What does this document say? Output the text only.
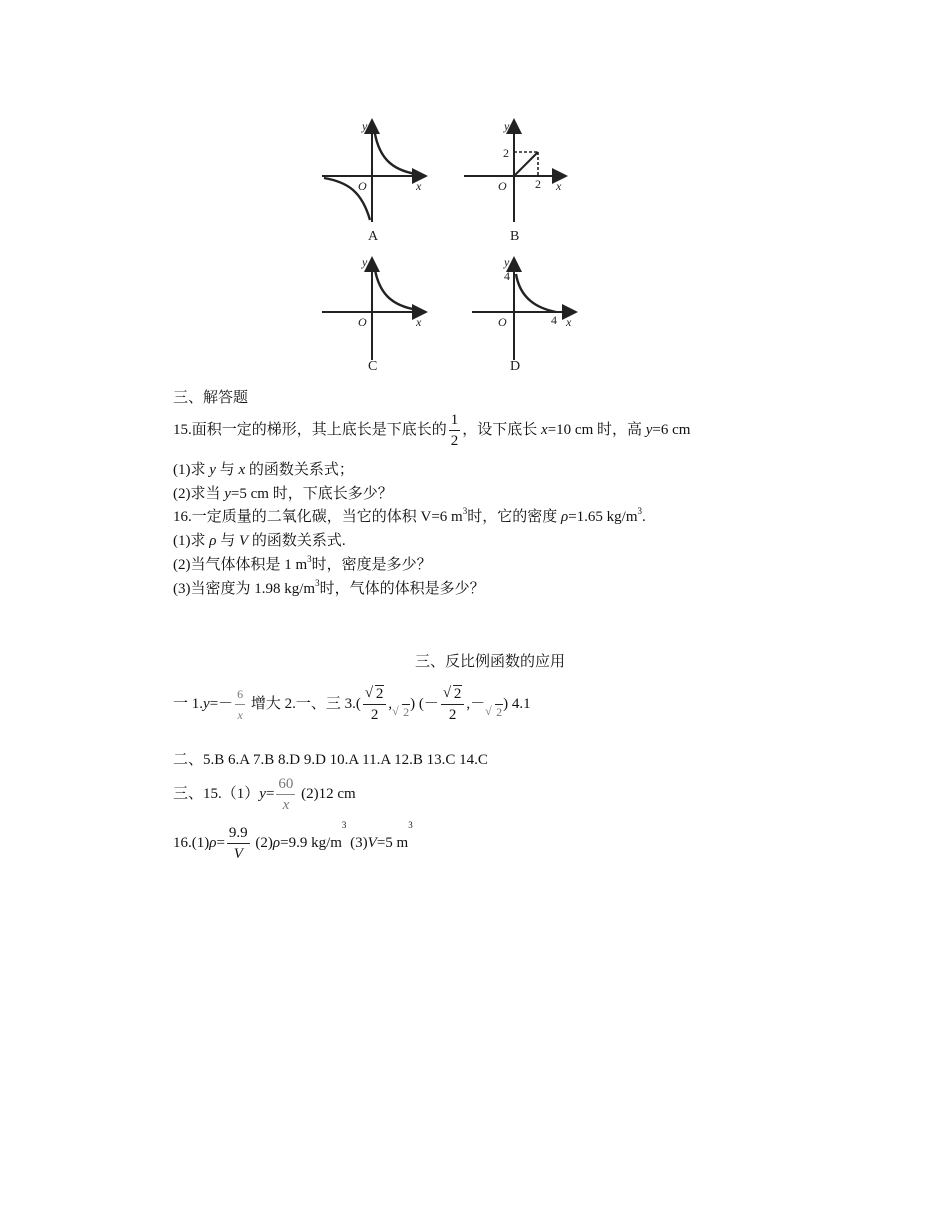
y
x
O
A
y
x
O
2
2
B
y
x
O
C
y
x
O
4
4
D
三、解答题
15.面积一定的梯形，其上底长是下底长的 $\frac{1}{2}$ ，设下底长 x=10 cm 时，高 y=6 cm
(1)求 y 与 x 的函数关系式；
(2)求当 y=5 cm 时，下底长多少？
16.一定质量的二氧化碳，当它的体积 V=6 $m^3$时，它的密度 ρ=1.65 $kg/m^3$.
(1)求 ρ 与 V 的函数关系式.
(2)当气体体积是 1 $m^3$时，密度是多少？
(3)当密度为 1.98 $kg/m^3$时，气体的体积是多少？
三、反比例函数的应用
一 $1.y=- \frac{6}{x}$ 增大 2.一、三 3.( √ $\frac{2}{2}$ , √ 2) (－ √ $\frac{2}{2}$ ,－ √ 2) 4.1
二、5.B 6.A 7.B 8.D 9.D 10.A 11.A 12.B 13.C 14.C
三、$15.(1)y= \frac{60}{x} (2)12$ cm
$16.(1)\rho= \frac{9.9}{V} (2)\rho=9.9$ $kg/m^3$ (3)V=5 $m^3$
